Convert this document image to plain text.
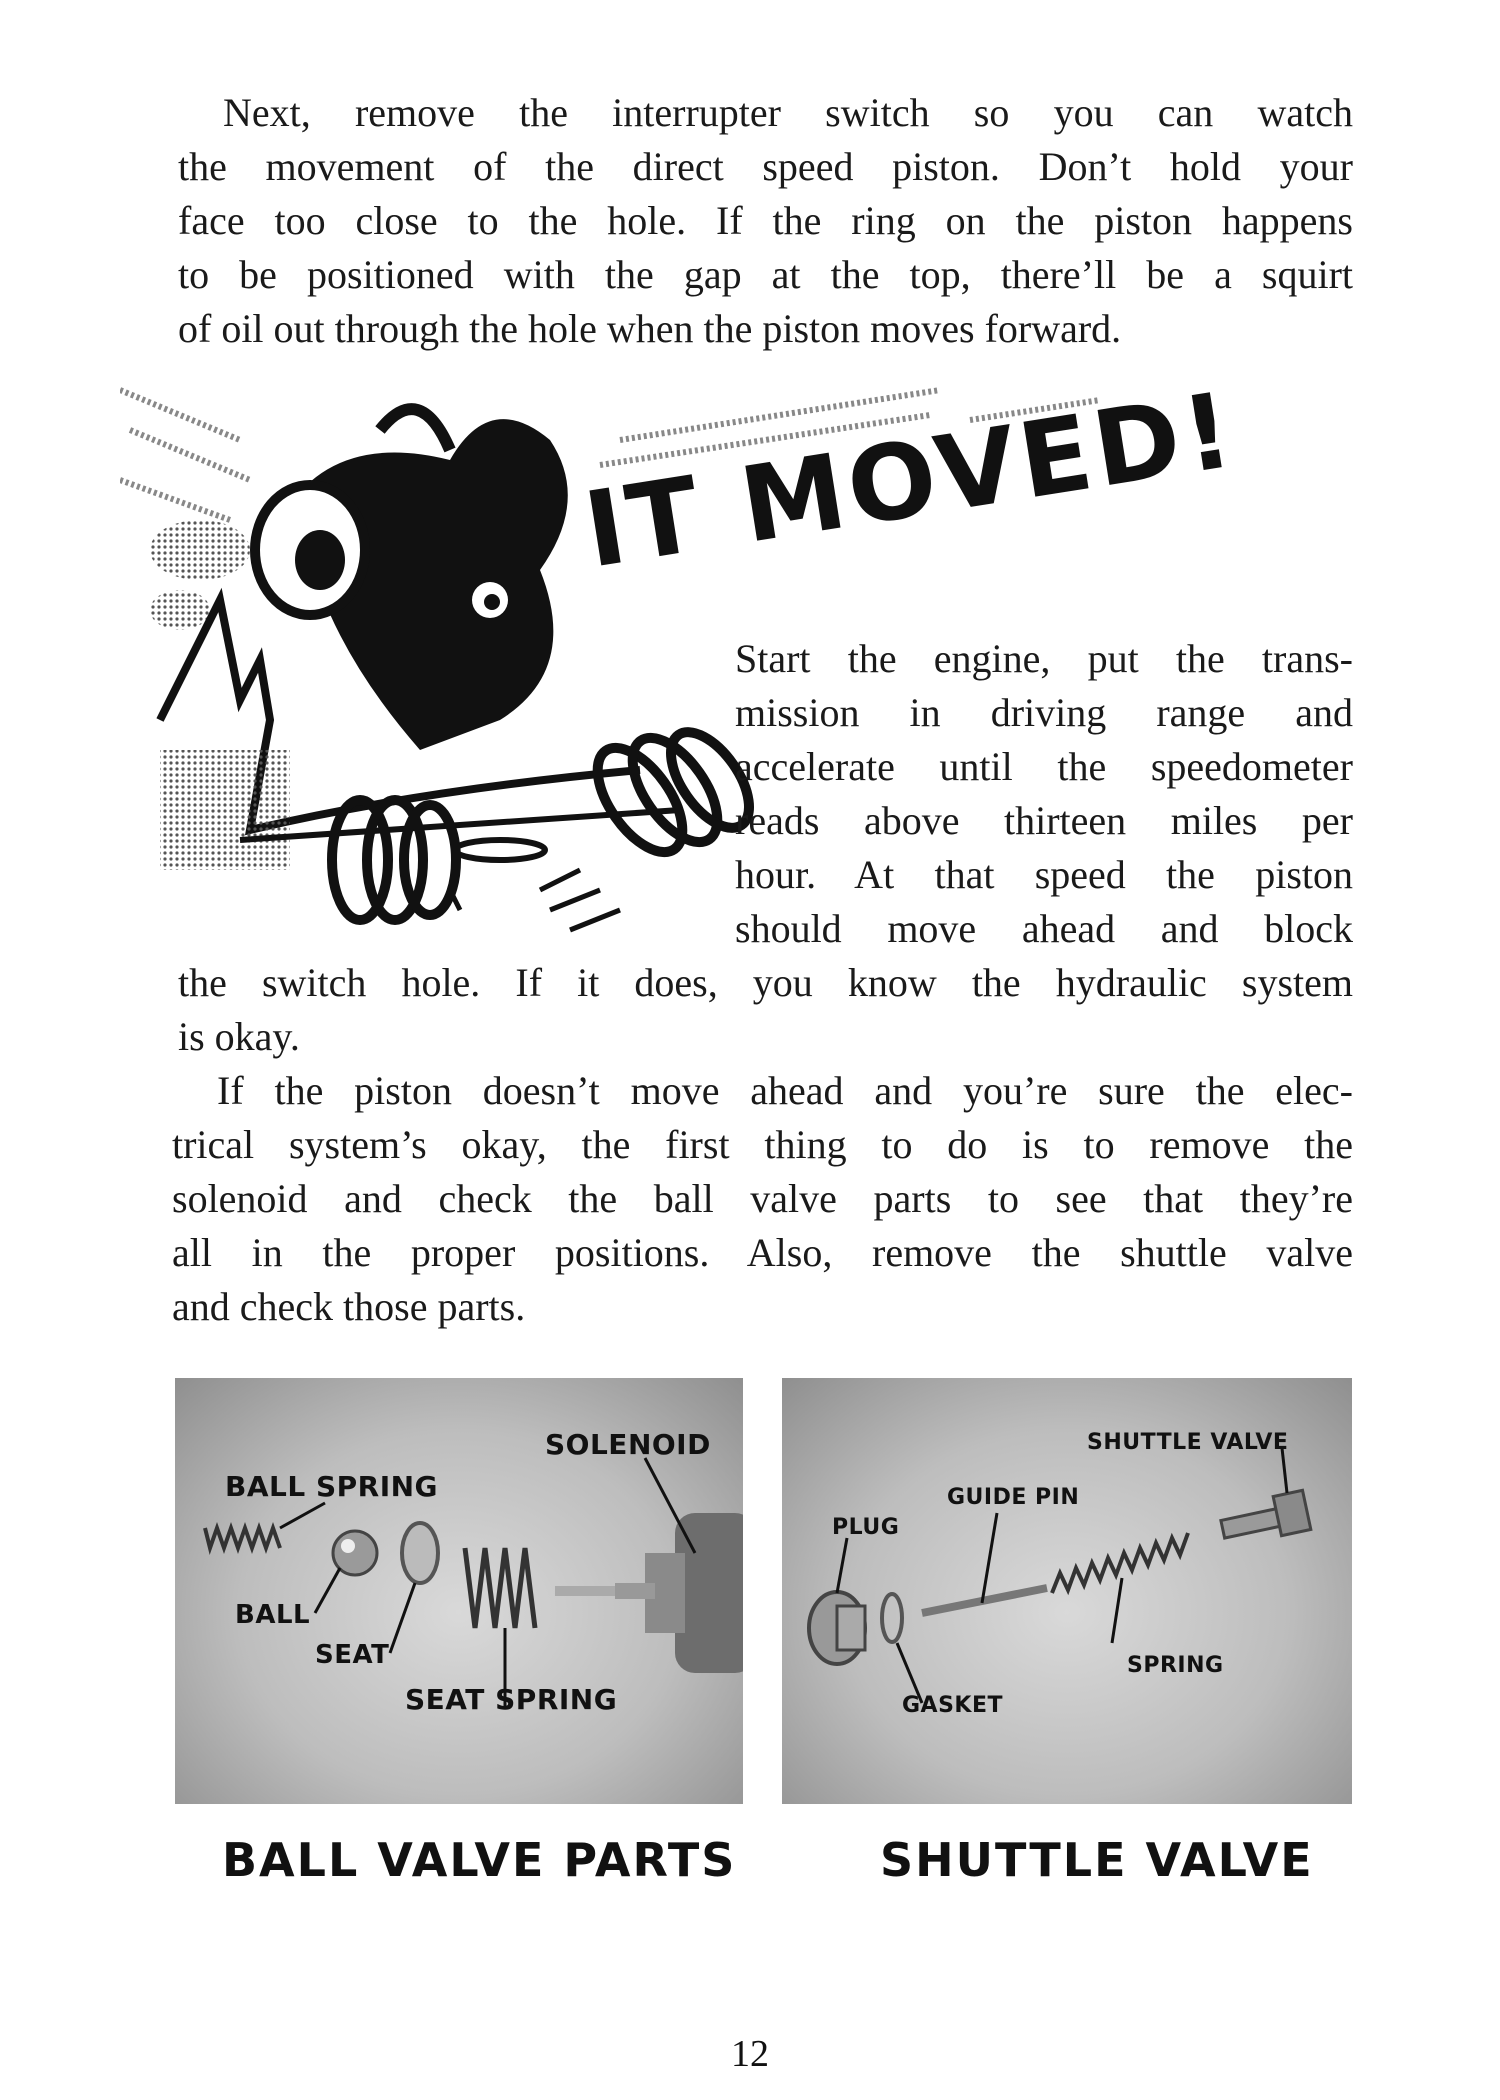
Next, remove the interrupter switch so you can watch

the movement of the direct speed piston. Don’t hold your

face too close to the hole. If the ring on the piston happens

to be positioned with the gap at the top, there’ll be a squirt

of oil out through the hole when the piston moves forward.

IT MOVED!

Start the engine, put the trans-

mission in driving range and

accelerate until the speedometer

reads above thirteen miles per

hour. At that speed the piston

should move ahead and block

the switch hole. If it does, you know the hydraulic system

is okay.

If the piston doesn’t move ahead and you’re sure the elec-

trical system’s okay, the first thing to do is to remove the

solenoid and check the ball valve parts to see that they’re

all in the proper positions. Also, remove the shuttle valve

and check those parts.

SOLENOID
BALL SPRING
BALL
SEAT
SEAT SPRING
SHUTTLE VALVE
GUIDE PIN
PLUG
SPRING
GASKET
BALL VALVE PARTS	SHUTTLE VALVE
12
